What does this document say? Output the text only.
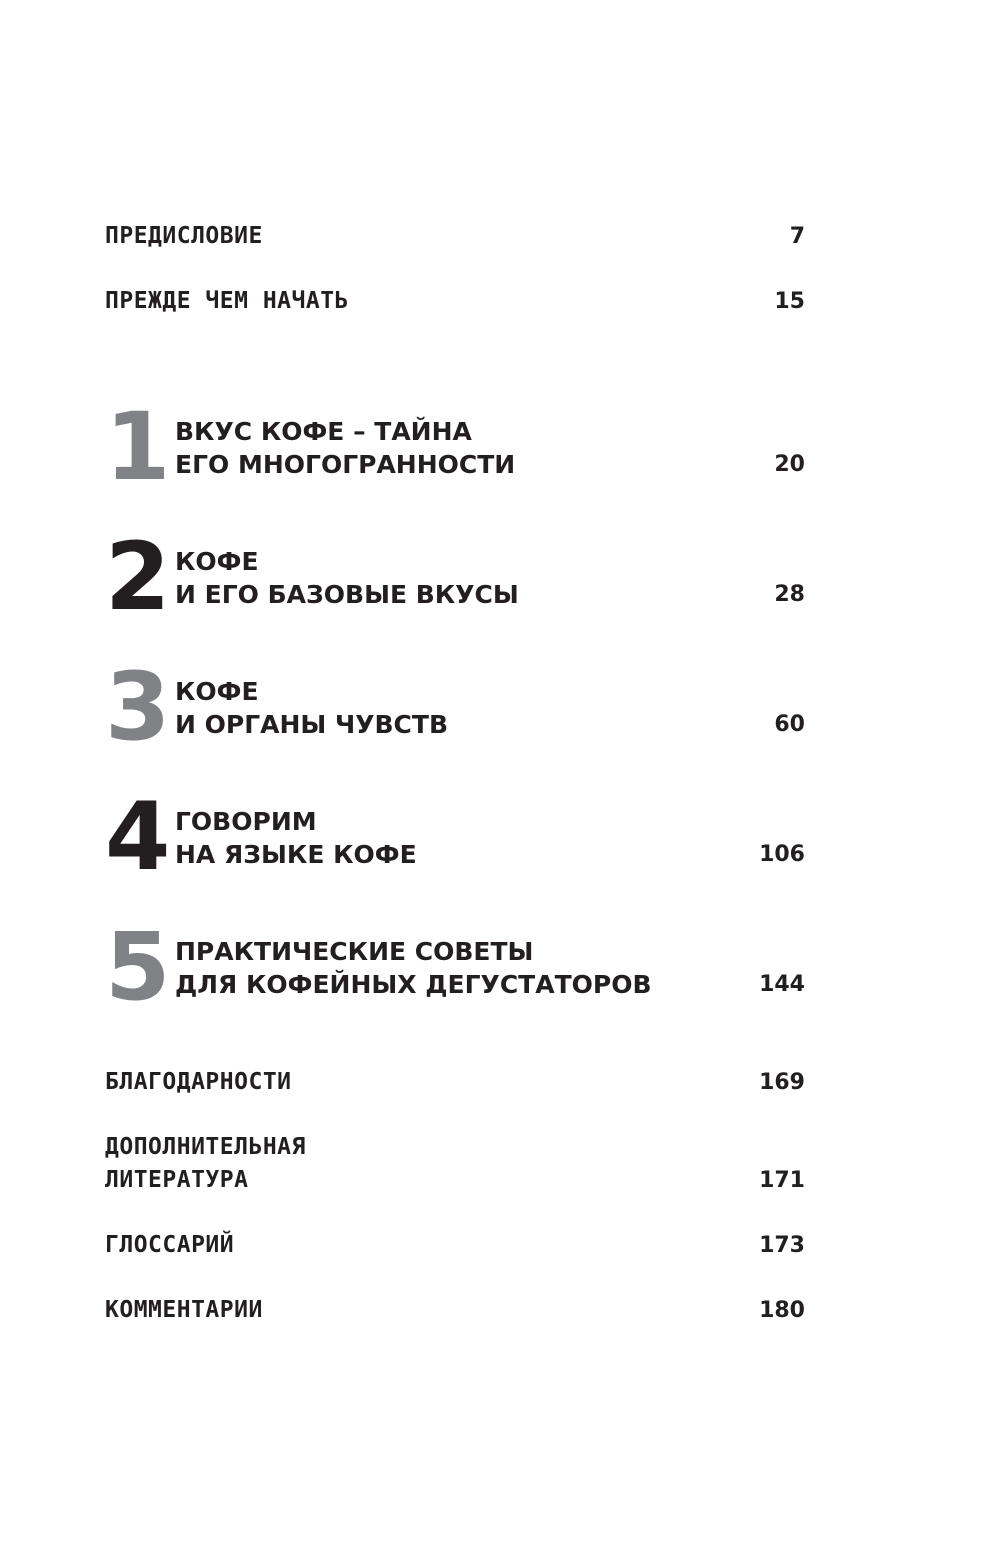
ПРЕДИСЛОВИЕ	7
ПРЕЖДЕ ЧЕМ НАЧАТЬ	15
1 ВКУС КОФЕ – ТАЙНА
ЕГО МНОГОГРАННОСТИ	20
2 КОФЕ
И ЕГО БАЗОВЫЕ ВКУСЫ	28
3 КОФЕ
И ОРГАНЫ ЧУВСТВ	60
4 ГОВОРИМ
НА ЯЗЫКЕ КОФЕ	106
5 ПРАКТИЧЕСКИЕ СОВЕТЫ
ДЛЯ КОФЕЙНЫХ ДЕГУСТАТОРОВ	144
БЛАГОДАРНОСТИ	169
ДОПОЛНИТЕЛЬНАЯ
ЛИТЕРАТУРА	171
ГЛОССАРИЙ	173
КОММЕНТАРИИ	180
